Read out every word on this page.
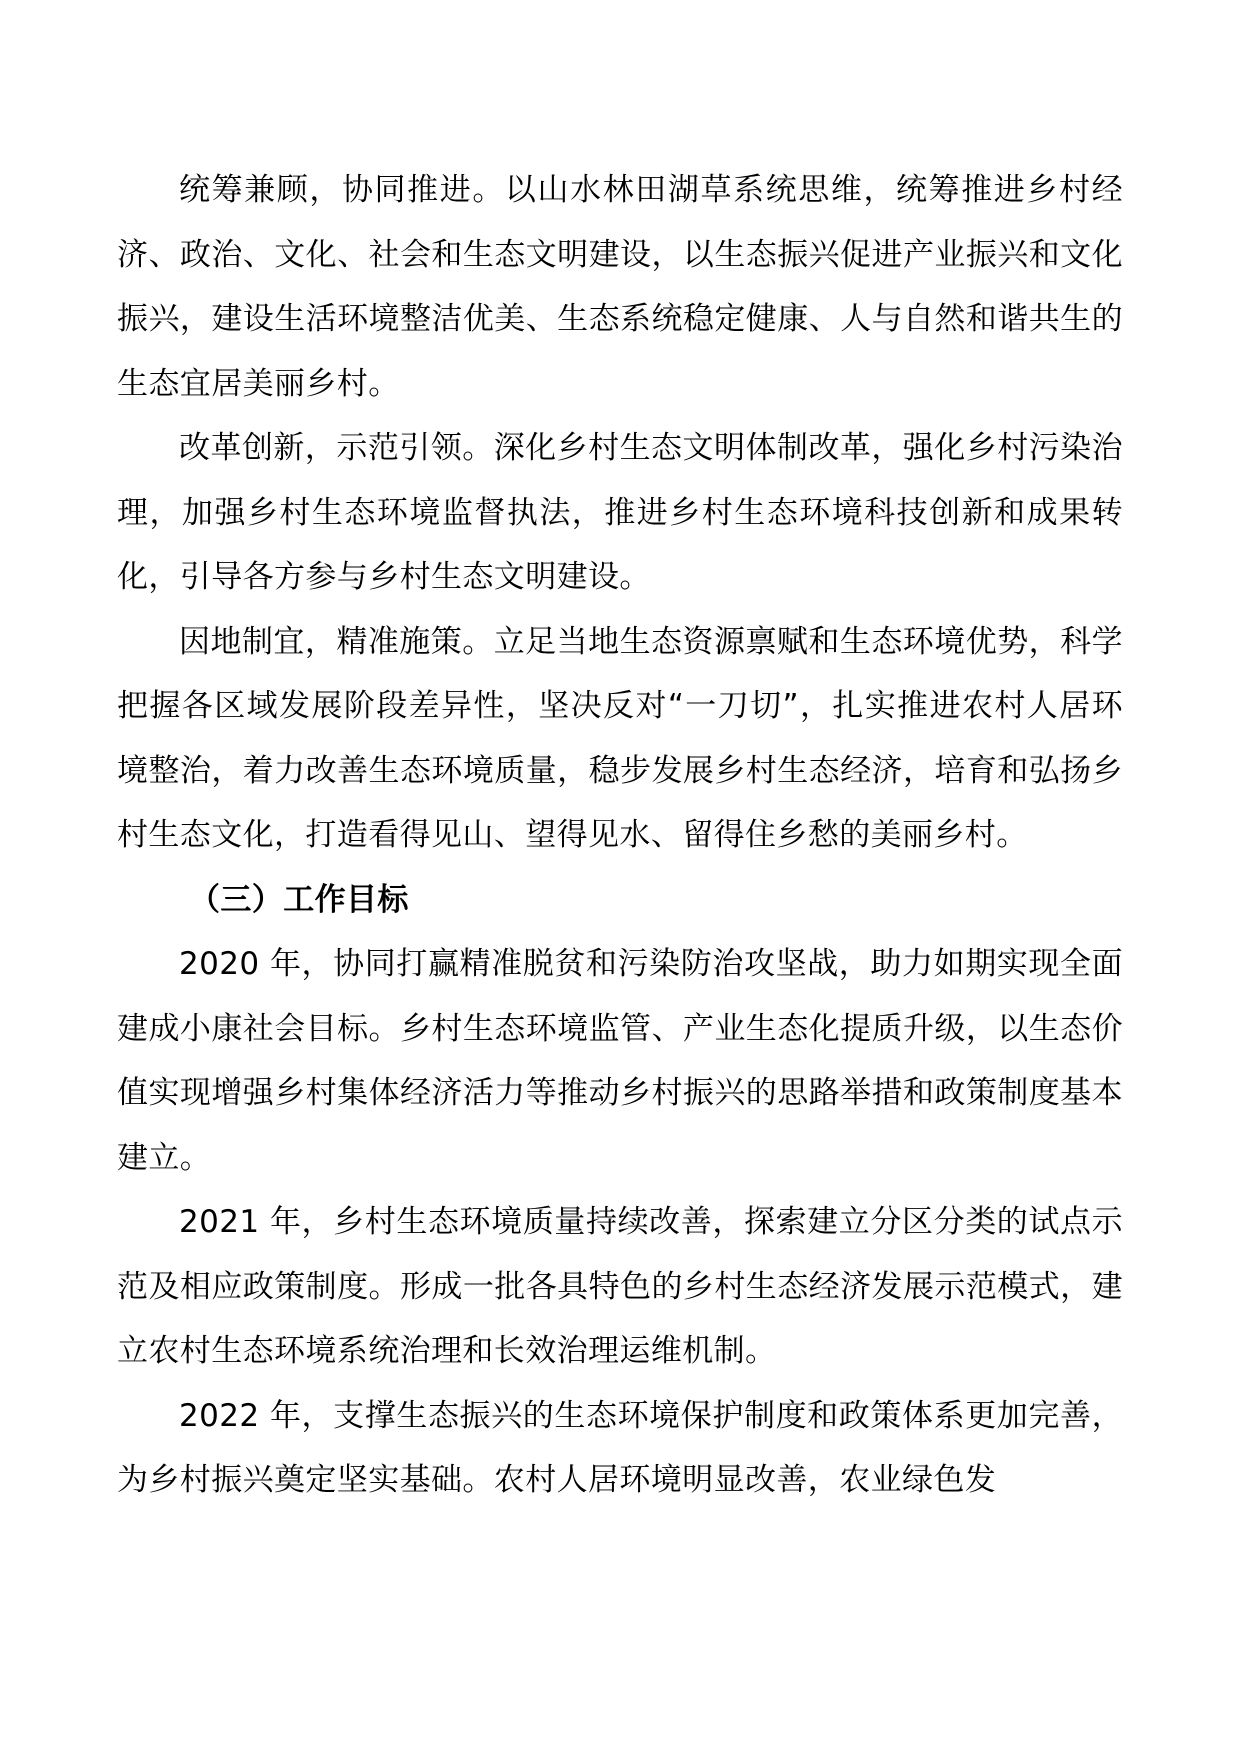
统筹兼顾，协同推进。以山水林田湖草系统思维，统筹推进乡村经济、政治、文化、社会和生态文明建设，以生态振兴促进产业振兴和文化振兴，建设生活环境整洁优美、生态系统稳定健康、人与自然和谐共生的生态宜居美丽乡村。

改革创新，示范引领。深化乡村生态文明体制改革，强化乡村污染治理，加强乡村生态环境监督执法，推进乡村生态环境科技创新和成果转化，引导各方参与乡村生态文明建设。

因地制宜，精准施策。立足当地生态资源禀赋和生态环境优势，科学把握各区域发展阶段差异性，坚决反对“一刀切”，扎实推进农村人居环境整治，着力改善生态环境质量，稳步发展乡村生态经济，培育和弘扬乡村生态文化，打造看得见山、望得见水、留得住乡愁的美丽乡村。

（三）工作目标

2020 年，协同打赢精准脱贫和污染防治攻坚战，助力如期实现全面建成小康社会目标。乡村生态环境监管、产业生态化提质升级，以生态价值实现增强乡村集体经济活力等推动乡村振兴的思路举措和政策制度基本建立。

2021 年，乡村生态环境质量持续改善，探索建立分区分类的试点示范及相应政策制度。形成一批各具特色的乡村生态经济发展示范模式，建立农村生态环境系统治理和长效治理运维机制。

2022 年，支撑生态振兴的生态环境保护制度和政策体系更加完善，为乡村振兴奠定坚实基础。农村人居环境明显改善，农业绿色发
